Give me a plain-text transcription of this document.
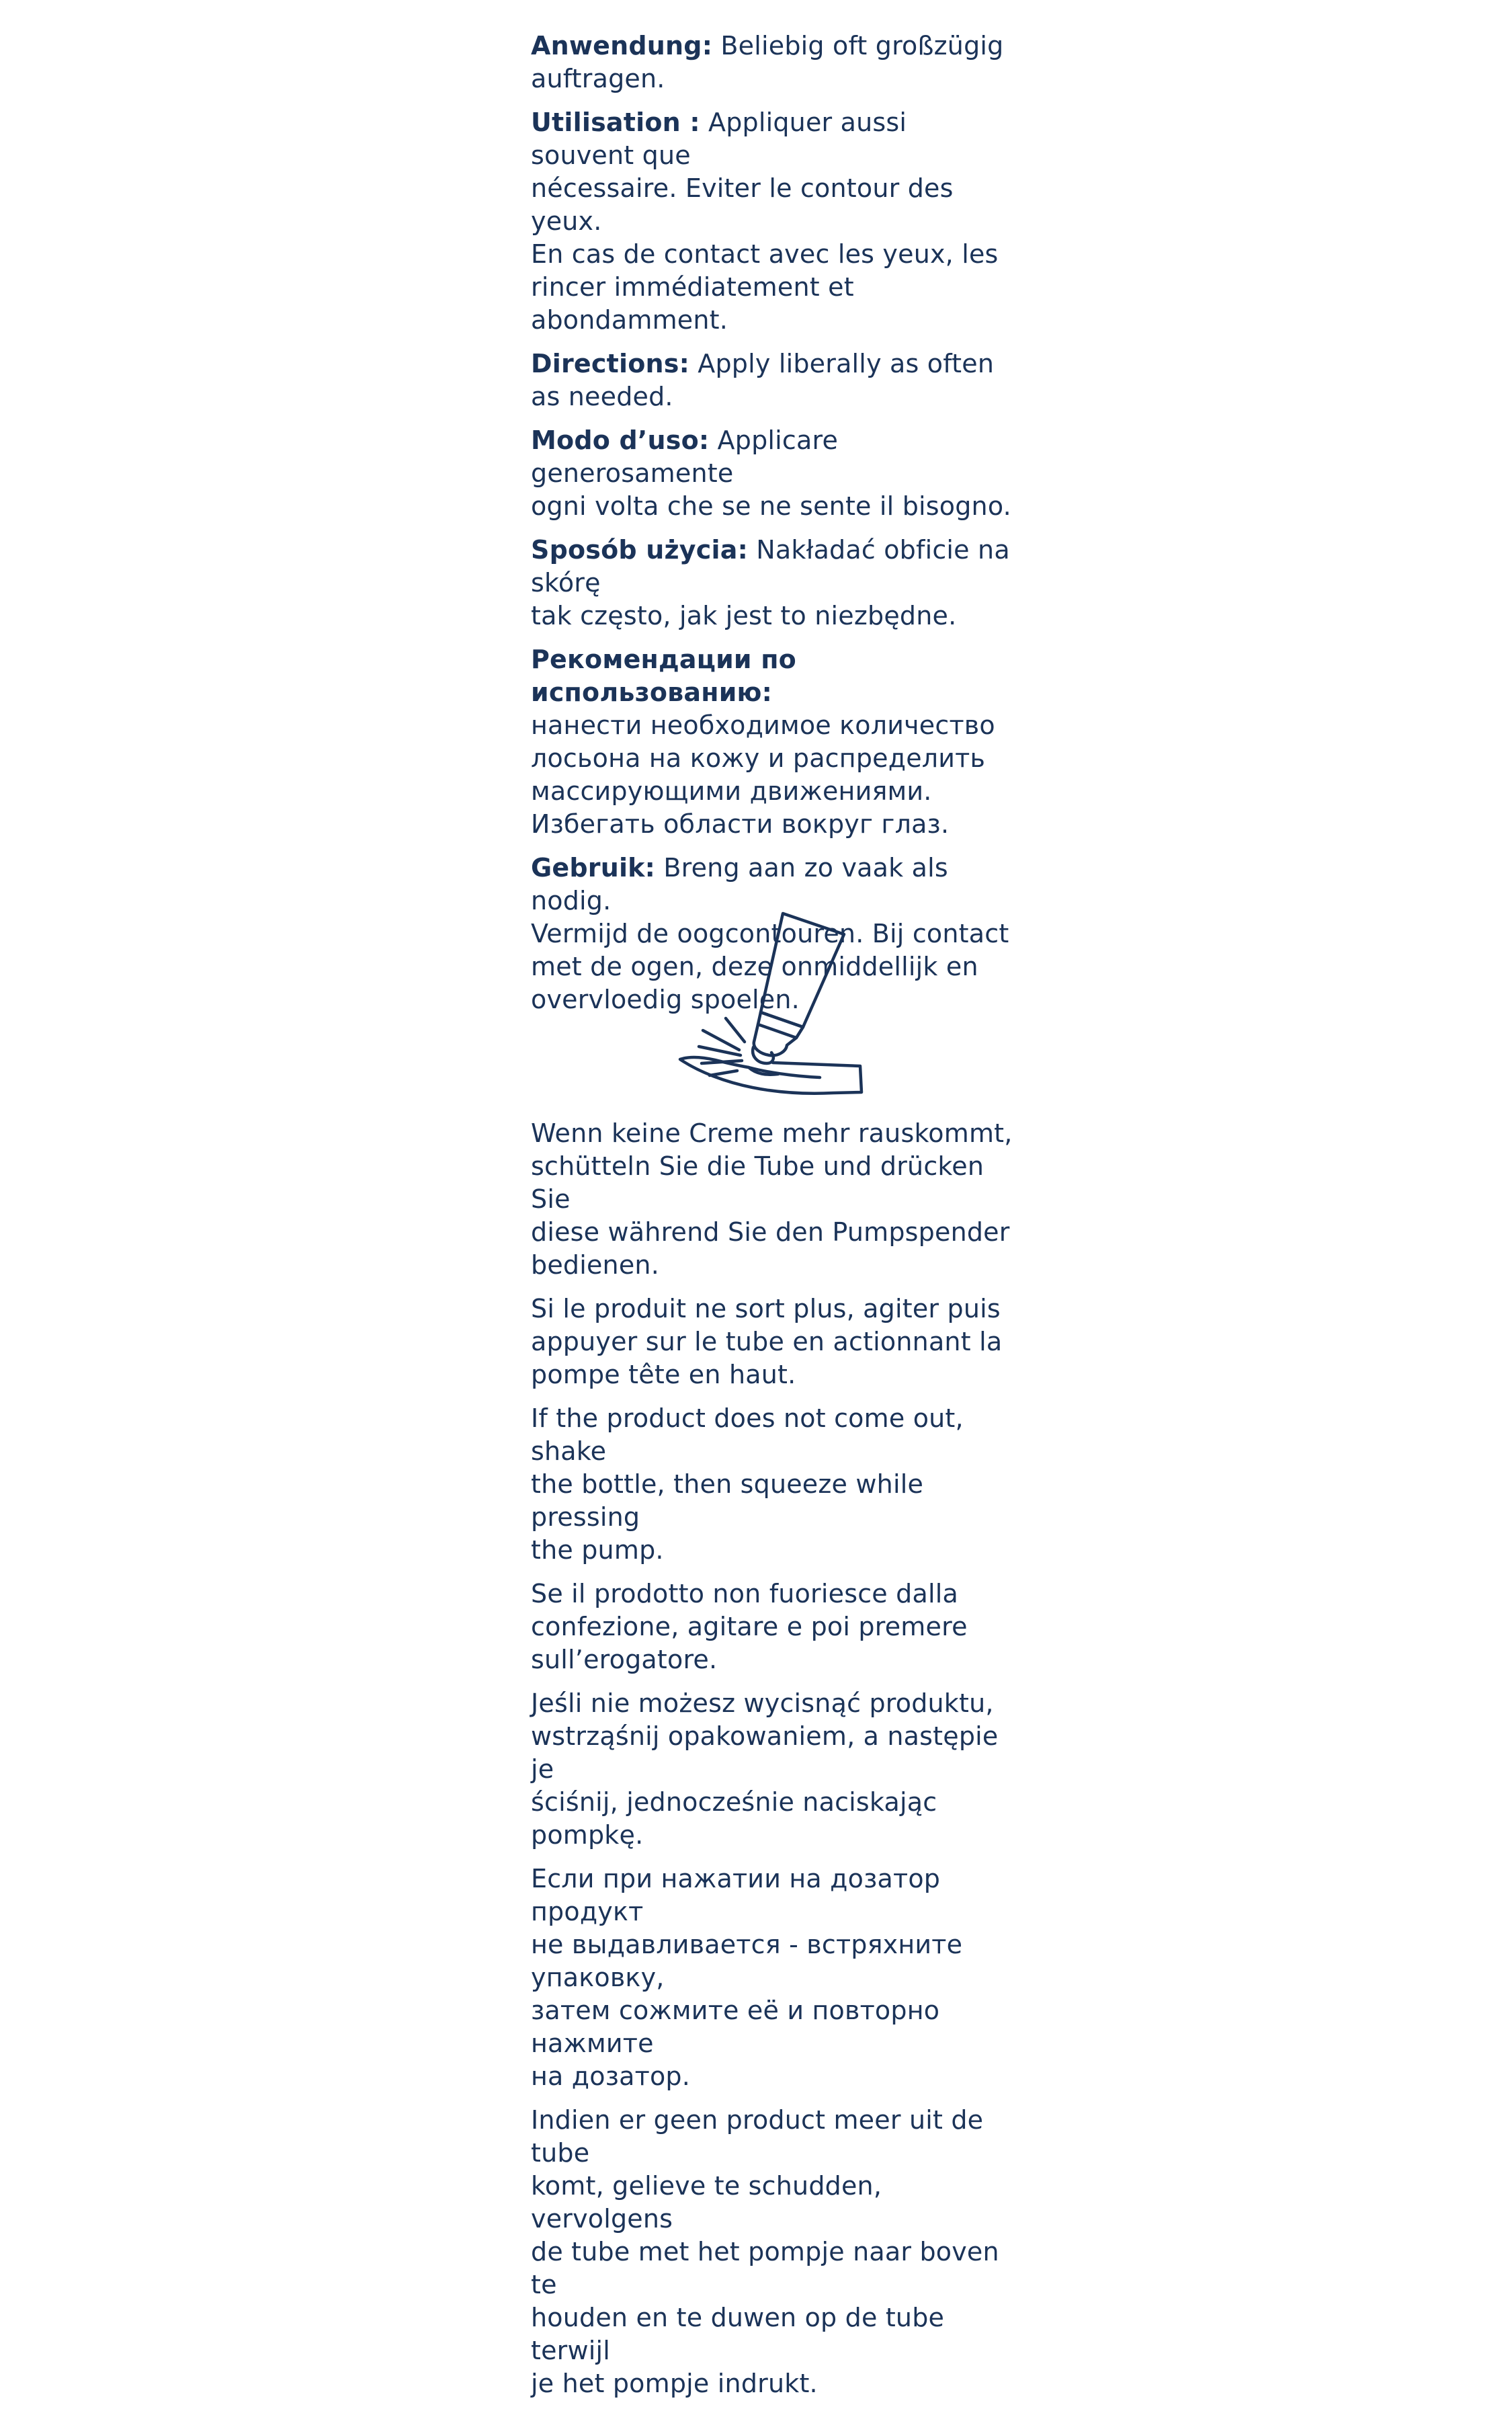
Anwendung: Beliebig oft großzügig
auftragen.

Utilisation : Appliquer aussi souvent que
nécessaire. Eviter le contour des yeux.
En cas de contact avec les yeux, les
rincer immédiatement et abondamment.

Directions: Apply liberally as often
as needed.

Modo d’uso: Applicare generosamente
ogni volta che se ne sente il bisogno.

Sposób użycia: Nakładać obficie na skórę
tak często, jak jest to niezbędne.

Рекомендации по использованию:
нанести необходимое количество
лосьона на кожу и распределить
массирующими движениями.
Избегать области вокруг глаз.

Gebruik: Breng aan zo vaak als nodig.
Vermijd de oogcontouren. Bij contact
met de ogen, deze onmiddellijk en
overvloedig spoelen.

Wenn keine Creme mehr rauskommt,
schütteln Sie die Tube und drücken Sie
diese während Sie den Pumpspender
bedienen.

Si le produit ne sort plus, agiter puis
appuyer sur le tube en actionnant la
pompe tête en haut.

If the product does not come out, shake
the bottle, then squeeze while pressing
the pump.

Se il prodotto non fuoriesce dalla
confezione, agitare e poi premere
sull’erogatore.

Jeśli nie możesz wycisnąć produktu,
wstrząśnij opakowaniem, a następie je
ściśnij, jednocześnie naciskając pompkę.

Если при нажатии на дозатор продукт
не выдавливается - встряхните упаковку,
затем сожмите её и повторно нажмите
на дозатор.

Indien er geen product meer uit de tube
komt, gelieve te schudden, vervolgens
de tube met het pompje naar boven te
houden en te duwen op de tube terwijl
je het pompje indrukt.
